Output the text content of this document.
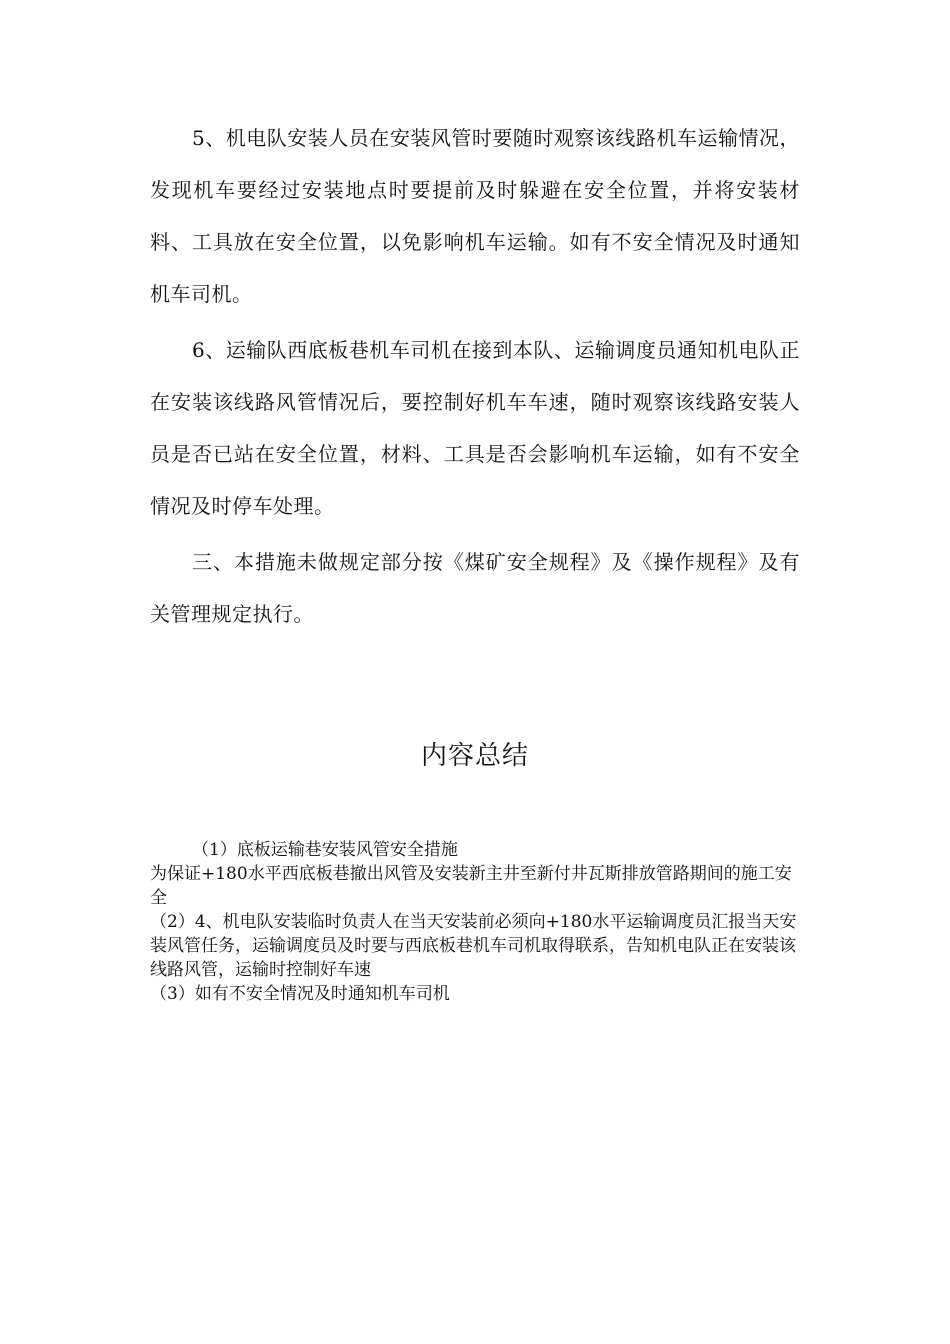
5、机电队安装人员在安装风管时要随时观察该线路机车运输情况，发现机车要经过安装地点时要提前及时躲避在安全位置，并将安装材料、工具放在安全位置，以免影响机车运输。如有不安全情况及时通知机车司机。

6、运输队西底板巷机车司机在接到本队、运输调度员通知机电队正在安装该线路风管情况后，要控制好机车车速，随时观察该线路安装人员是否已站在安全位置，材料、工具是否会影响机车运输，如有不安全情况及时停车处理。

三、本措施未做规定部分按《煤矿安全规程》及《操作规程》及有关管理规定执行。

内容总结

（1）底板运输巷安装风管安全措施

为保证+180水平西底板巷撤出风管及安装新主井至新付井瓦斯排放管路期间的施工安全

（2）4、机电队安装临时负责人在当天安装前必须向+180水平运输调度员汇报当天安装风管任务，运输调度员及时要与西底板巷机车司机取得联系，告知机电队正在安装该线路风管，运输时控制好车速

（3）如有不安全情况及时通知机车司机
